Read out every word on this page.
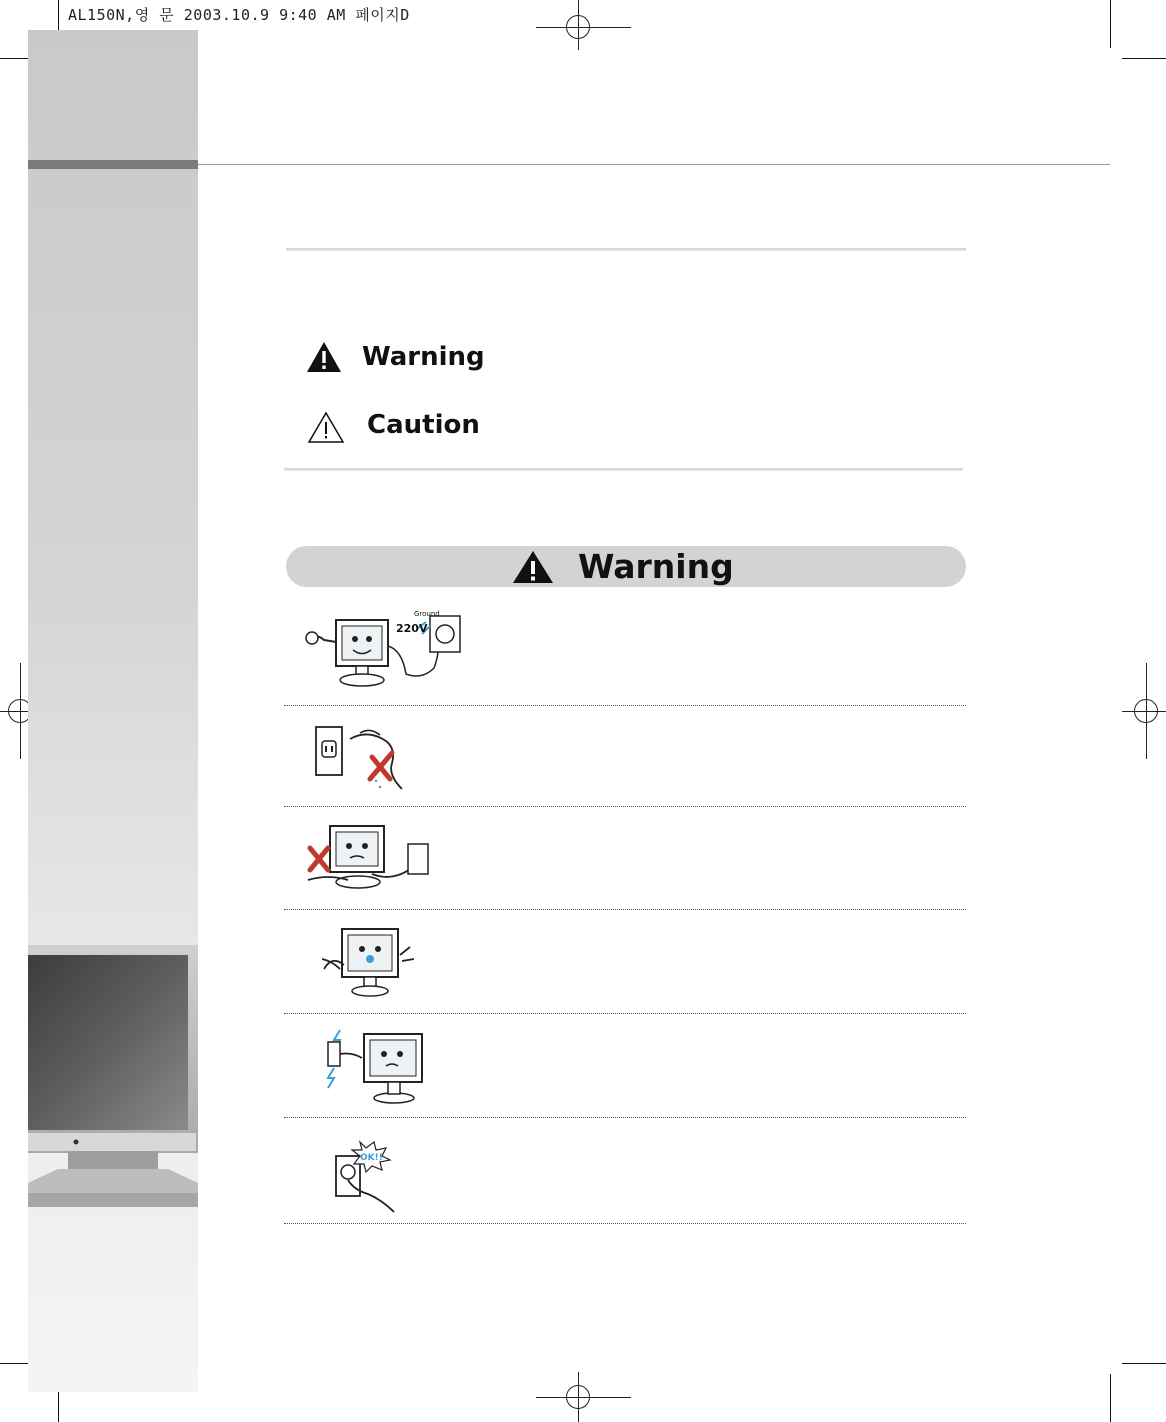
AL150N,영 문 2003.10.9 9:40 AM 페이지D
Warning
Caution
Warning
220V
Ground
OK!!
